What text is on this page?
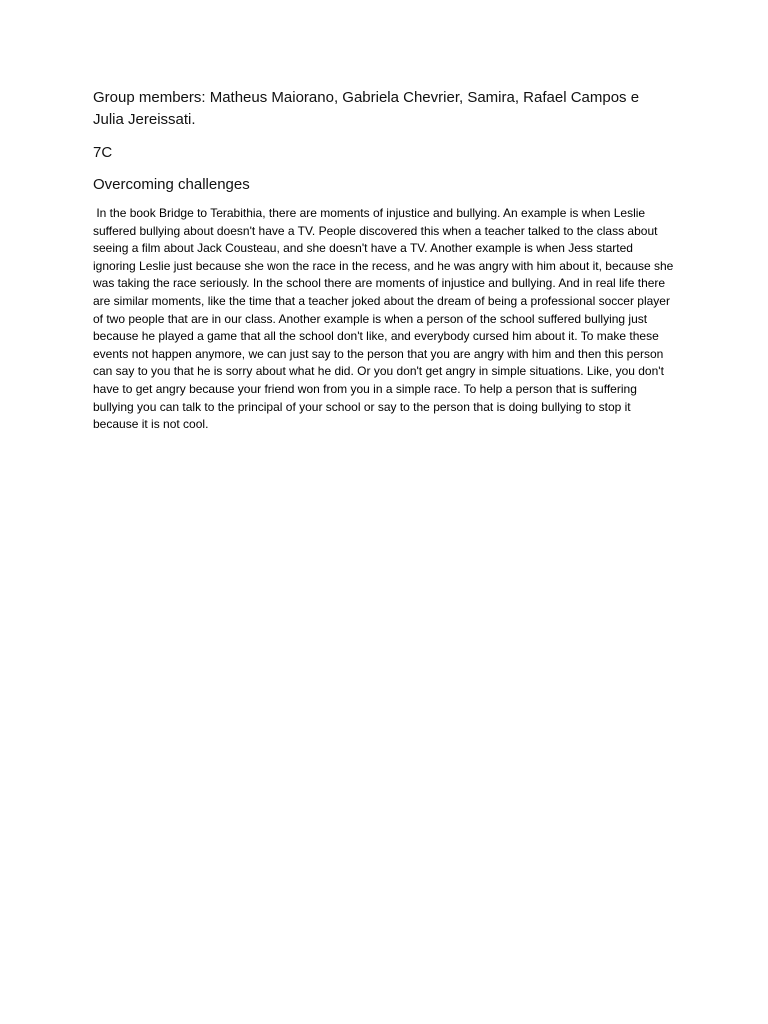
Group members: Matheus Maiorano, Gabriela Chevrier, Samira, Rafael Campos e Julia Jereissati.

7C

Overcoming challenges

In the book Bridge to Terabithia, there are moments of injustice and bullying. An example is when Leslie suffered bullying about doesn't have a TV. People discovered this when a teacher talked to the class about seeing a film about Jack Cousteau, and she doesn't have a TV. Another example is when Jess started ignoring Leslie just because she won the race in the recess, and he was angry with him about it, because she was taking the race seriously. In the school there are moments of injustice and bullying. And in real life there are similar moments, like the time that a teacher joked about the dream of being a professional soccer player of two people that are in our class. Another example is when a person of the school suffered bullying just because he played a game that all the school don't like, and everybody cursed him about it. To make these events not happen anymore, we can just say to the person that you are angry with him and then this person can say to you that he is sorry about what he did. Or you don't get angry in simple situations. Like, you don't have to get angry because your friend won from you in a simple race. To help a person that is suffering bullying you can talk to the principal of your school or say to the person that is doing bullying to stop it because it is not cool.
